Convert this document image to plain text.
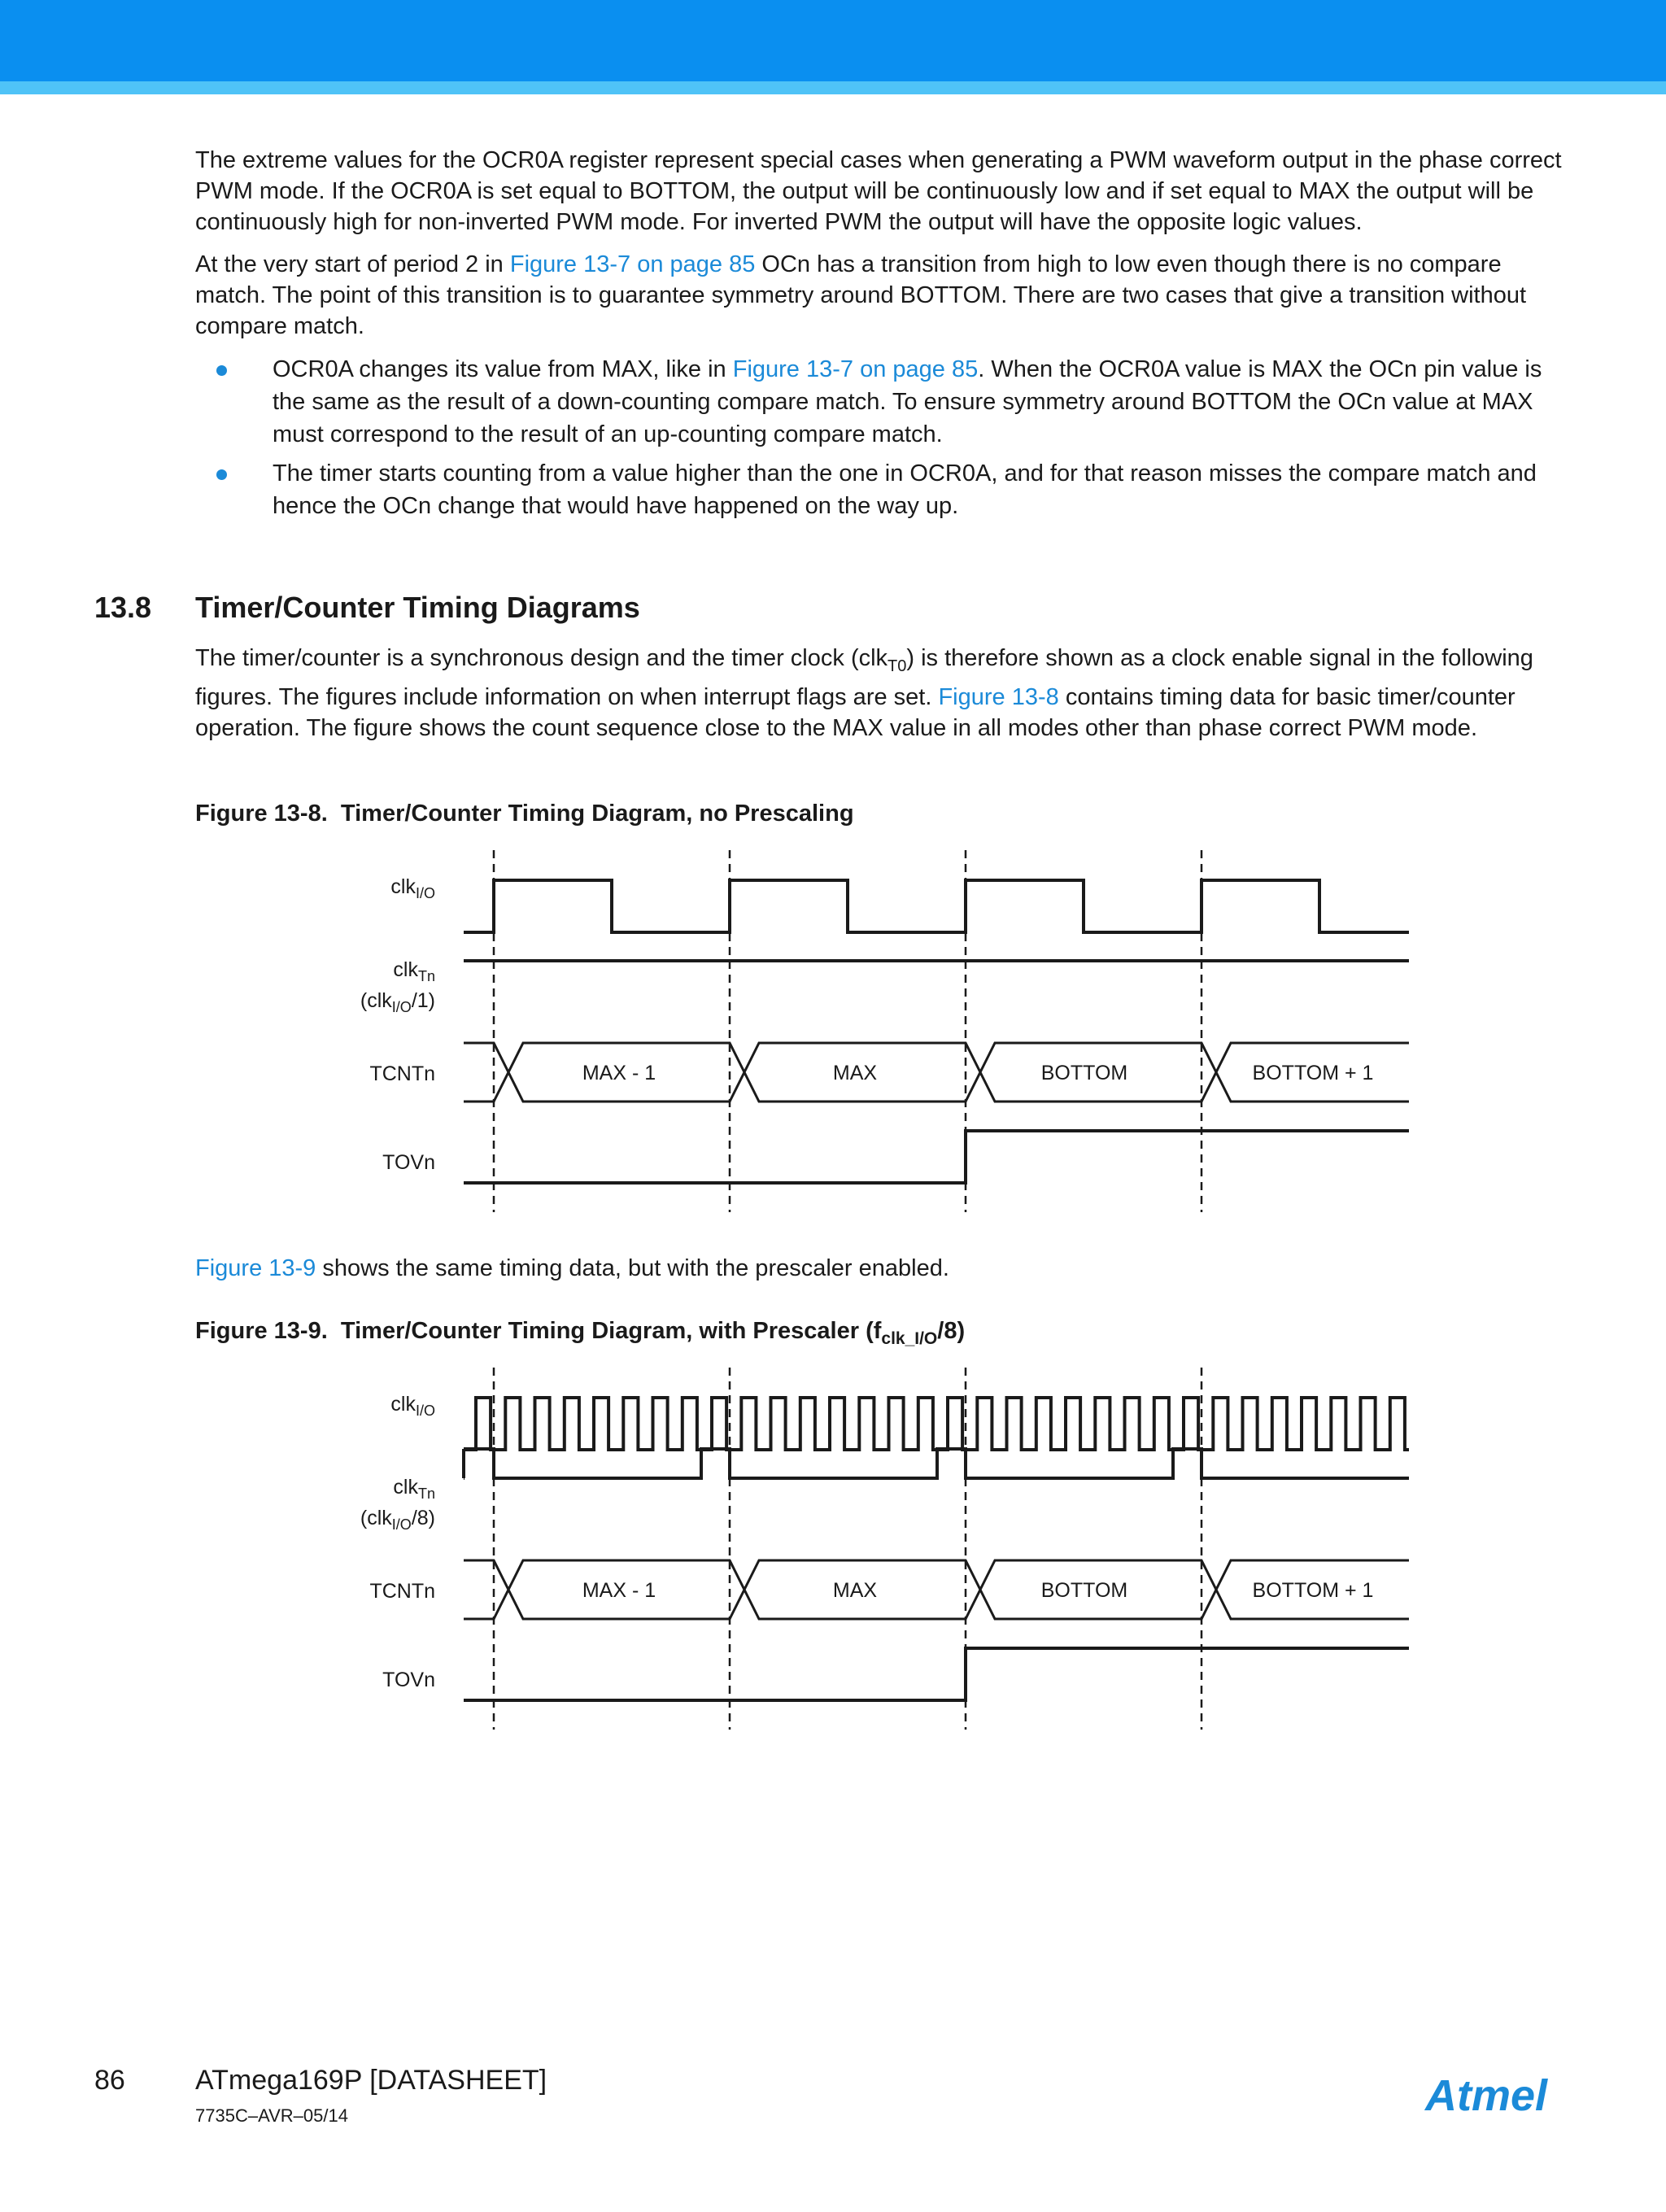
The extreme values for the OCR0A register represent special cases when generating a PWM waveform output in the phase correct PWM mode. If the OCR0A is set equal to BOTTOM, the output will be continuously low and if set equal to MAX the output will be continuously high for non-inverted PWM mode. For inverted PWM the output will have the opposite logic values.

At the very start of period 2 in Figure 13-7 on page 85 OCn has a transition from high to low even though there is no compare match. The point of this transition is to guarantee symmetry around BOTTOM. There are two cases that give a transition without compare match.

OCR0A changes its value from MAX, like in Figure 13-7 on page 85. When the OCR0A value is MAX the OCn pin value is the same as the result of a down-counting compare match. To ensure symmetry around BOTTOM the OCn value at MAX must correspond to the result of an up-counting compare match.
The timer starts counting from a value higher than the one in OCR0A, and for that reason misses the compare match and hence the OCn change that would have happened on the way up.
13.8 Timer/Counter Timing Diagrams

The timer/counter is a synchronous design and the timer clock (clk$_{T0}$) is therefore shown as a clock enable signal in the following figures. The figures include information on when interrupt flags are set. Figure 13-8 contains timing data for basic timer/counter operation. The figure shows the count sequence close to the MAX value in all modes other than phase correct PWM mode.

Figure 13-8. Timer/Counter Timing Diagram, no Prescaling
clk$_{I/O}$
clk$_{Tn}$
(clk$_{I/O}$/1)
TCNTn	MAX - 1	MAX	BOTTOM	BOTTOM + 1
TOVn

Figure 13-9 shows the same timing data, but with the prescaler enabled.

Figure 13-9. Timer/Counter Timing Diagram, with Prescaler $(f_{clk\_I/O}/8)$
clk$_{I/O}$
clk$_{Tn}$
(clk$_{I/O}$/8)
TCNTn	MAX - 1	MAX	BOTTOM	BOTTOM + 1
TOVn
86	ATmega169P [DATASHEET]
7735C–AVR–05/14	Atmel
